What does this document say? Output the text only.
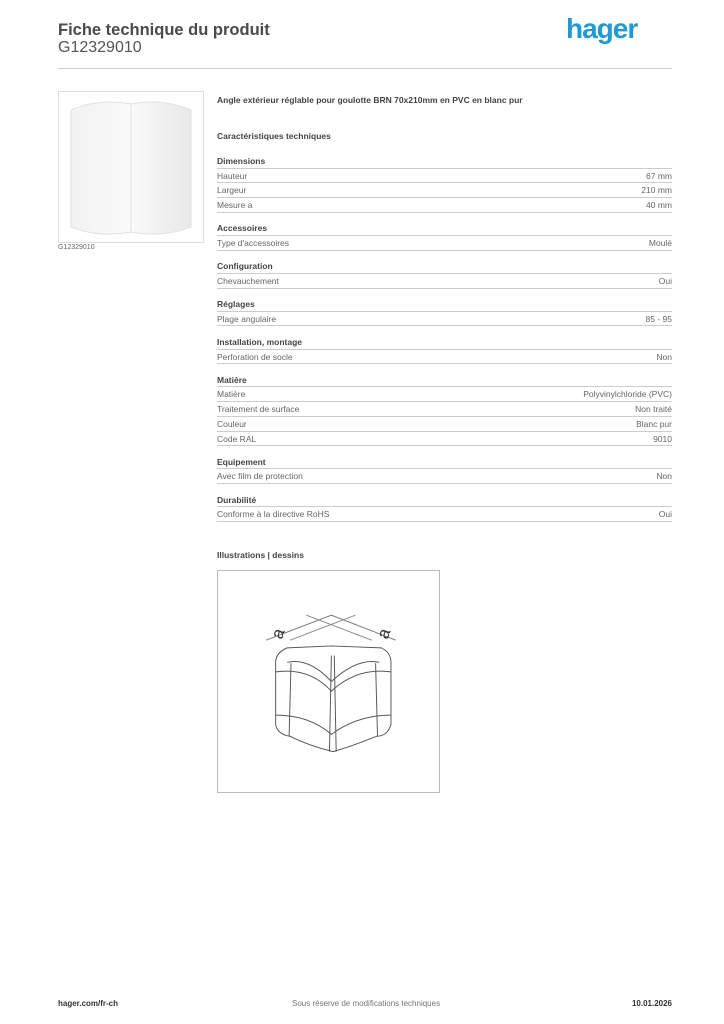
Fiche technique du produit
G12329010
hager
G12329010
Angle extérieur réglable pour goulotte BRN 70x210mm en PVC en blanc pur
Caractéristiques techniques
Dimensions
Hauteur	67 mm
Largeur	210 mm
Mesure a	40 mm
Accessoires
Type d'accessoires	Moulé
Configuration
Chevauchement	Oui
Réglages
Plage angulaire	85 - 95
Installation, montage
Perforation de socle	Non
Matière
Matière	Polyvinylchloride (PVC)
Traitement de surface	Non traité
Couleur	Blanc pur
Code RAL	9010
Equipement
Avec film de protection	Non
Durabilité
Conforme à la directive RoHS	Oui
Illustrations | dessins
a	a
hager.com/fr-ch	Sous réserve de modifications techniques	10.01.2026
